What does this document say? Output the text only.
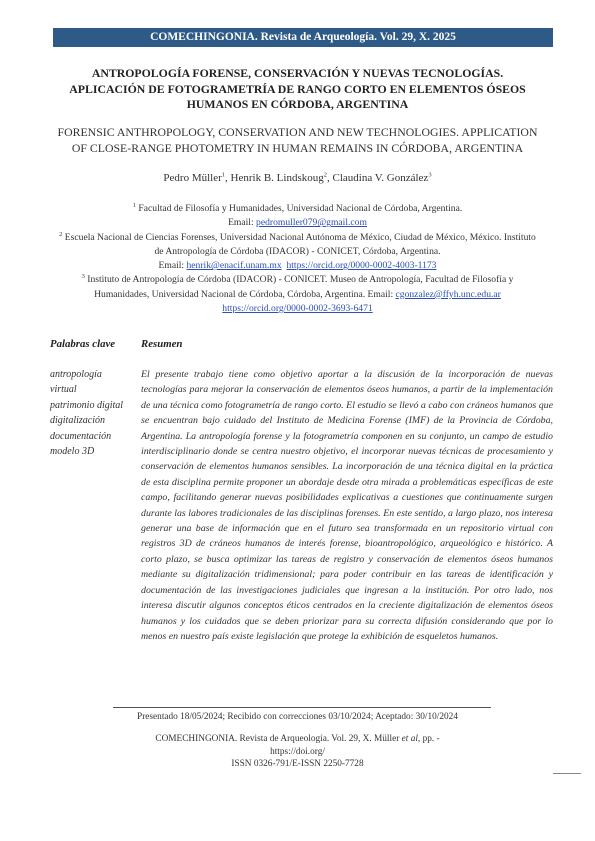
COMECHINGONIA. Revista de Arqueología. Vol. 29, X. 2025
ANTROPOLOGÍA FORENSE, CONSERVACIÓN Y NUEVAS TECNOLOGÍAS. APLICACIÓN DE FOTOGRAMETRÍA DE RANGO CORTO EN ELEMENTOS ÓSEOS HUMANOS EN CÓRDOBA, ARGENTINA
FORENSIC ANTHROPOLOGY, CONSERVATION AND NEW TECHNOLOGIES. APPLICATION OF CLOSE-RANGE PHOTOMETRY IN HUMAN REMAINS IN CÓRDOBA, ARGENTINA
Pedro Müller$^1$, Henrik B. Lindskoug$^2$, Claudina V. González$^3$
$^1$ Facultad de Filosofía y Humanidades, Universidad Nacional de Córdoba, Argentina.
Email: pedromuller079@gmail.com
$^2$ Escuela Nacional de Ciencias Forenses, Universidad Nacional Autónoma de México, Ciudad de México, México. Instituto de Antropología de Córdoba (IDACOR) - CONICET, Córdoba, Argentina.
Email: henrik@enacif.unam.mx https://orcid.org/0000-0002-4003-1173
$^3$ Instituto de Antropología de Córdoba (IDACOR) - CONICET. Museo de Antropología, Facultad de Filosofía y Humanidades, Universidad Nacional de Córdoba, Córdoba, Argentina. Email: cgonzalez@ffyh.unc.edu.ar
https://orcid.org/0000-0002-3693-6471
Palabras clave Resumen
antropología
virtual
patrimonio digital
digitalización
documentación
modelo 3D

El presente trabajo tiene como objetivo aportar a la discusión de la incorporación de nuevas tecnologías para mejorar la conservación de elementos óseos humanos, a partir de la implementación de una técnica como fotogrametría de rango corto. El estudio se llevó a cabo con cráneos humanos que se encuentran bajo cuidado del Instituto de Medicina Forense (IMF) de la Provincia de Córdoba, Argentina. La antropología forense y la fotogrametría componen en su conjunto, un campo de estudio interdisciplinario donde se centra nuestro objetivo, el incorporar nuevas técnicas de procesamiento y conservación de elementos humanos sensibles. La incorporación de una técnica digital en la práctica de esta disciplina permite proponer un abordaje desde otra mirada a problemáticas específicas de este campo, facilitando generar nuevas posibilidades explicativas a cuestiones que continuamente surgen durante las labores tradicionales de las disciplinas forenses. En este sentido, a largo plazo, nos interesa generar una base de información que en el futuro sea transformada en un repositorio virtual con registros 3D de cráneos humanos de interés forense, bioantropológico, arqueológico e histórico. A corto plazo, se busca optimizar las tareas de registro y conservación de elementos óseos humanos mediante su digitalización tridimensional; para poder contribuir en las tareas de identificación y documentación de las investigaciones judiciales que ingresan a la institución. Por otro lado, nos interesa discutir algunos conceptos éticos centrados en la creciente digitalización de elementos óseos humanos y los cuidados que se deben priorizar para su correcta difusión considerando que por lo menos en nuestro país existe legislación que protege la exhibición de esqueletos humanos.

Presentado 18/05/2024; Recibido con correcciones 03/10/2024; Aceptado: 30/10/2024
COMECHINGONIA. Revista de Arqueología. Vol. 29, X. Müller et al, pp. -
https://doi.org/
ISSN 0326-791/E-ISSN 2250-7728
